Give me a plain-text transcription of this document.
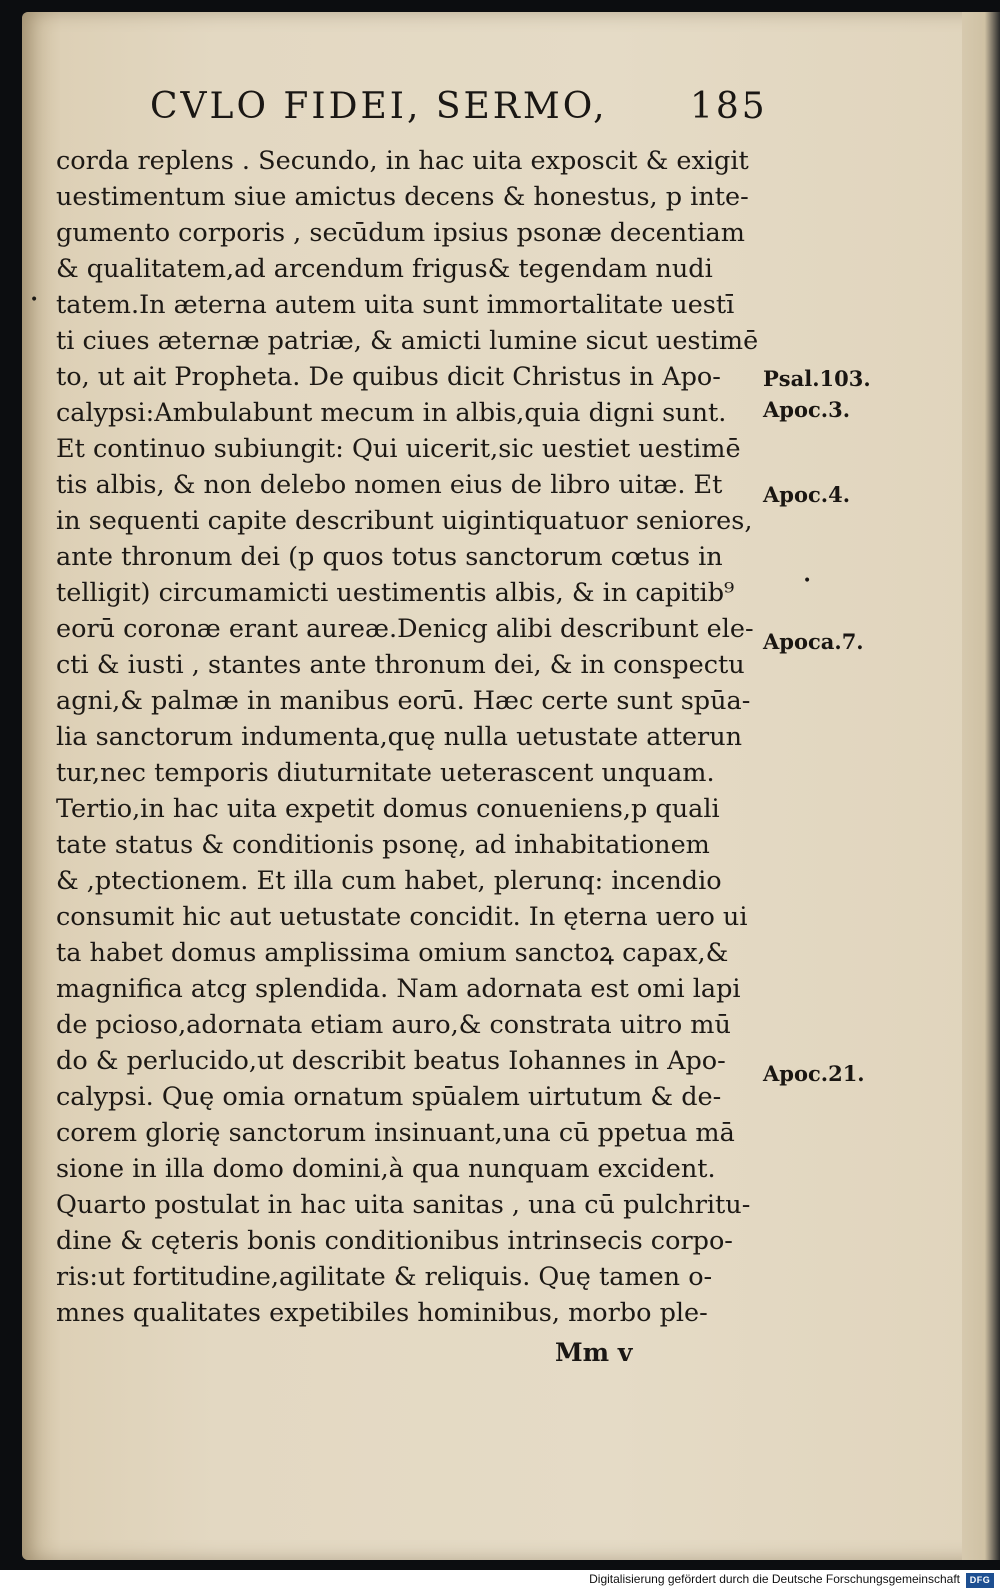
CVLO FIDEI, SERMO, 185
corda replens . Secundo, in hac uita exposcit & exigit
uestimentum siue amictus decens & honestus, p inte-
gumento corporis , secūdum ipsius psonæ decentiam
& qualitatem,ad arcendum frigus& tegendam nudi
tatem.In æterna autem uita sunt immortalitate uestī
ti ciues æternæ patriæ, & amicti lumine sicut uestimē
to, ut ait Propheta. De quibus dicit Christus in Apo-
calypsi:Ambulabunt mecum in albis,quia digni sunt.
Et continuo subiungit: Qui uicerit,sic uestiet uestimē
tis albis, & non delebo nomen eius de libro uitæ. Et
in sequenti capite describunt uigintiquatuor seniores,
ante thronum dei (p quos totus sanctorum cœtus in
telligit) circumamicti uestimentis albis, & in capitib⁹
eorū coronæ erant aureæ.Denicg alibi describunt ele-
cti & iusti , stantes ante thronum dei, & in conspectu
agni,& palmæ in manibus eorū. Hæc certe sunt spūa-
lia sanctorum indumenta,quę nulla uetustate atterun
tur,nec temporis diuturnitate ueterascent unquam.
Tertio,in hac uita expetit domus conueniens,p quali
tate status & conditionis psonę, ad inhabitationem
& ,ptectionem. Et illa cum habet, plerunq: incendio
consumit hic aut uetustate concidit. In ęterna uero ui
ta habet domus amplissima omium sanctoꝝ capax,&
magnifica atcg splendida. Nam adornata est omi lapi
de pcioso,adornata etiam auro,& constrata uitro mū
do & perlucido,ut describit beatus Iohannes in Apo-
calypsi. Quę omia ornatum spūalem uirtutum & de-
corem glorię sanctorum insinuant,una cū ppetua mā
sione in illa domo domini,à qua nunquam excident.
Quarto postulat in hac uita sanitas , una cū pulchritu-
dine & cęteris bonis conditionibus intrinsecis corpo-
ris:ut fortitudine,agilitate & reliquis. Quę tamen o-
mnes qualitates expetibiles hominibus, morbo ple-
Psal.103.
Apoc.3.
Apoc.4.
Apoca.7.
Apoc.21.
•
•
Mm v
Digitalisierung gefördert durch die Deutsche Forschungsgemeinschaft	DFG
